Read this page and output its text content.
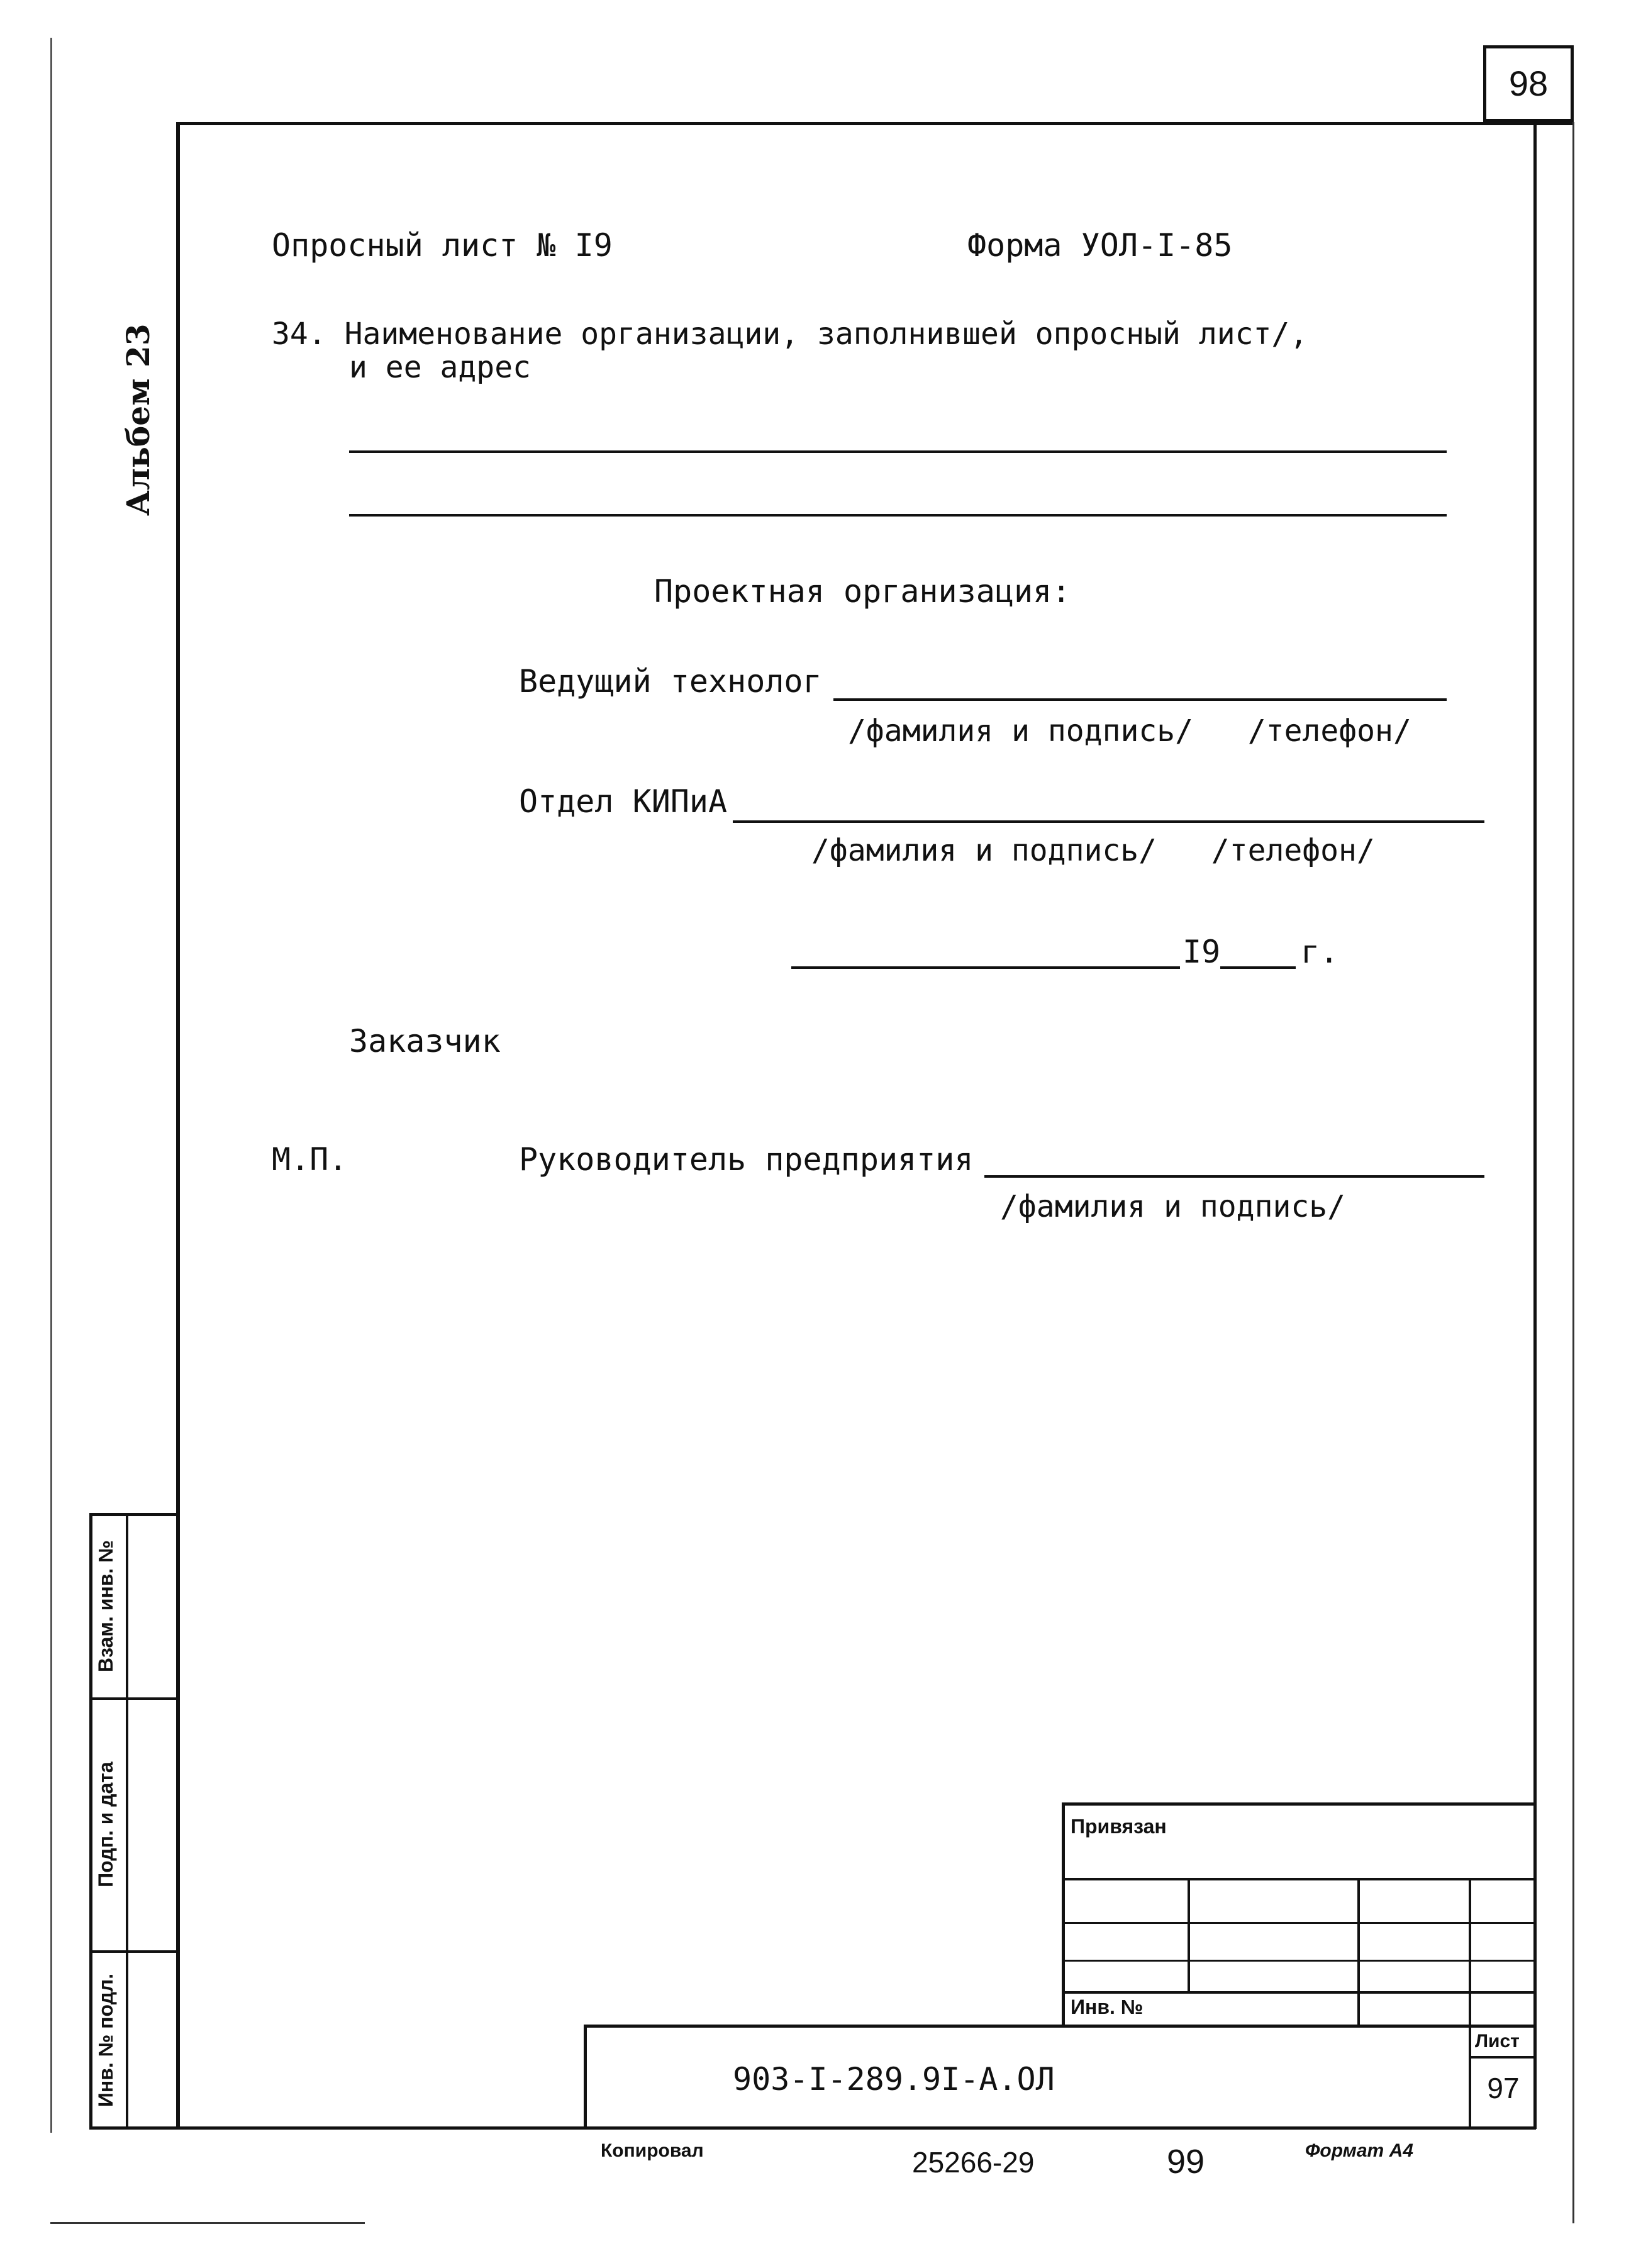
98
Альбем 23
Опросный лист № I9	Форма УОЛ-I-85
34. Наименование организации, заполнившей опросный лист/,
и ее адрес
Проектная организация:
Ведущий технолог
/фамилия и подпись/   /телефон/
Отдел КИПиА
/фамилия и подпись/   /телефон/
I9	г.
Заказчик
М.П.	Руководитель предприятия
/фамилия и подпись/
Взам. инв. №
Подп. и дата
Инв. № подл.
Привязан
Инв. №
903-I-289.9I-A.ОЛ
Лист
97
Копировал	25266-29	99	Формат А4
